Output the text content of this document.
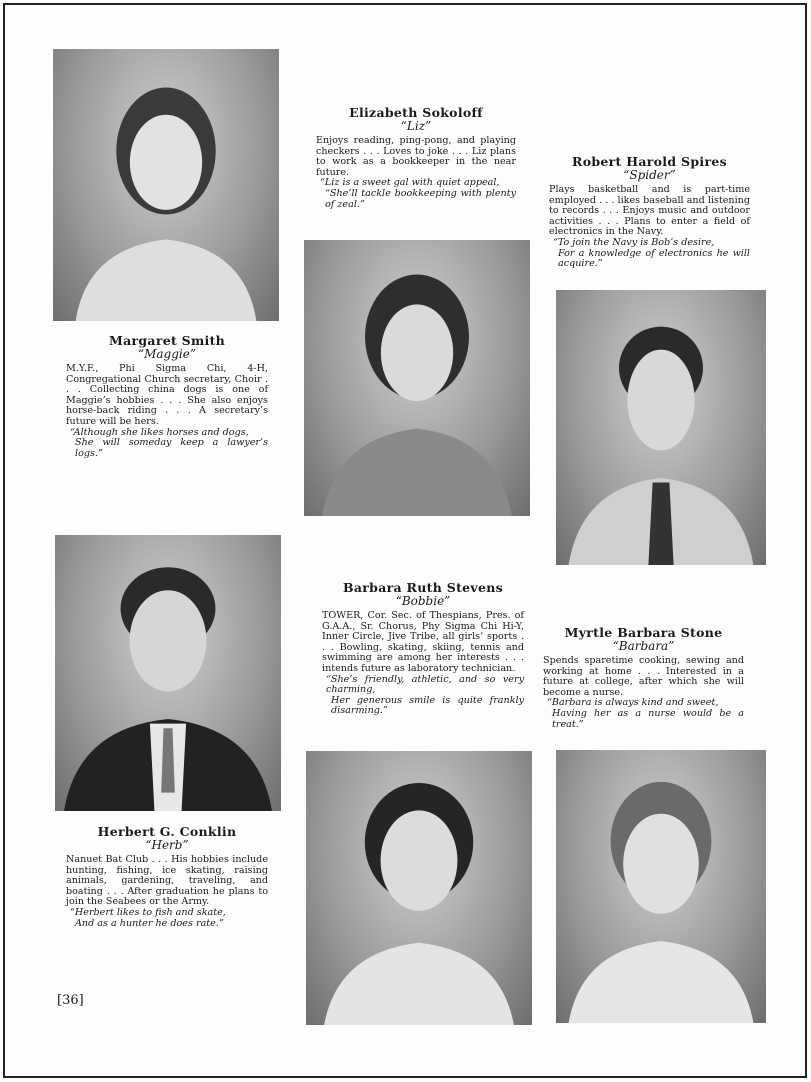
Margaret Smith
“Maggie”
M.Y.F., Phi Sigma Chi, 4-H, Congregational Church secretary, Choir . . . Collecting china dogs is one of Maggie’s hobbies . . . She also enjoys horse-back riding . . . A secretary’s future will be hers.
“Although she likes horses and dogs,
She will someday keep a lawyer’s logs.”
Elizabeth Sokoloff
“Liz”
Enjoys reading, ping-pong, and playing checkers . . . Loves to joke . . . Liz plans to work as a bookkeeper in the near future.
“Liz is a sweet gal with quiet appeal,
“She’ll tackle bookkeeping with plenty of zeal.”
Robert Harold Spires
“Spider”
Plays basketball and is part-time employed . . . likes baseball and listening to records . . . Enjoys music and outdoor activities . . . Plans to enter a field of electronics in the Navy.
“To join the Navy is Bob’s desire,
For a knowledge of electronics he will acquire.”
Herbert G. Conklin
“Herb”
Nanuet Bat Club . . . His hobbies include hunting, fishing, ice skating, raising animals, gardening, traveling, and boating . . . After graduation he plans to join the Seabees or the Army.
“Herbert likes to fish and skate,
And as a hunter he does rate.”
Barbara Ruth Stevens
“Bobbie”
TOWER, Cor. Sec. of Thespians, Pres. of G.A.A., Sr. Chorus, Phy Sigma Chi Hi-Y, Inner Circle, Jive Tribe, all girls’ sports . . . Bowling, skating, skiing, tennis and swimming are among her interests . . . intends future as laboratory technician.
“She’s friendly, athletic, and so very charming,
Her generous smile is quite frankly disarming.”
Myrtle Barbara Stone
“Barbara”
Spends sparetime cooking, sewing and working at home . . . Interested in a future at college, after which she will become a nurse.
“Barbara is always kind and sweet,
Having her as a nurse would be a treat.”
[36]
